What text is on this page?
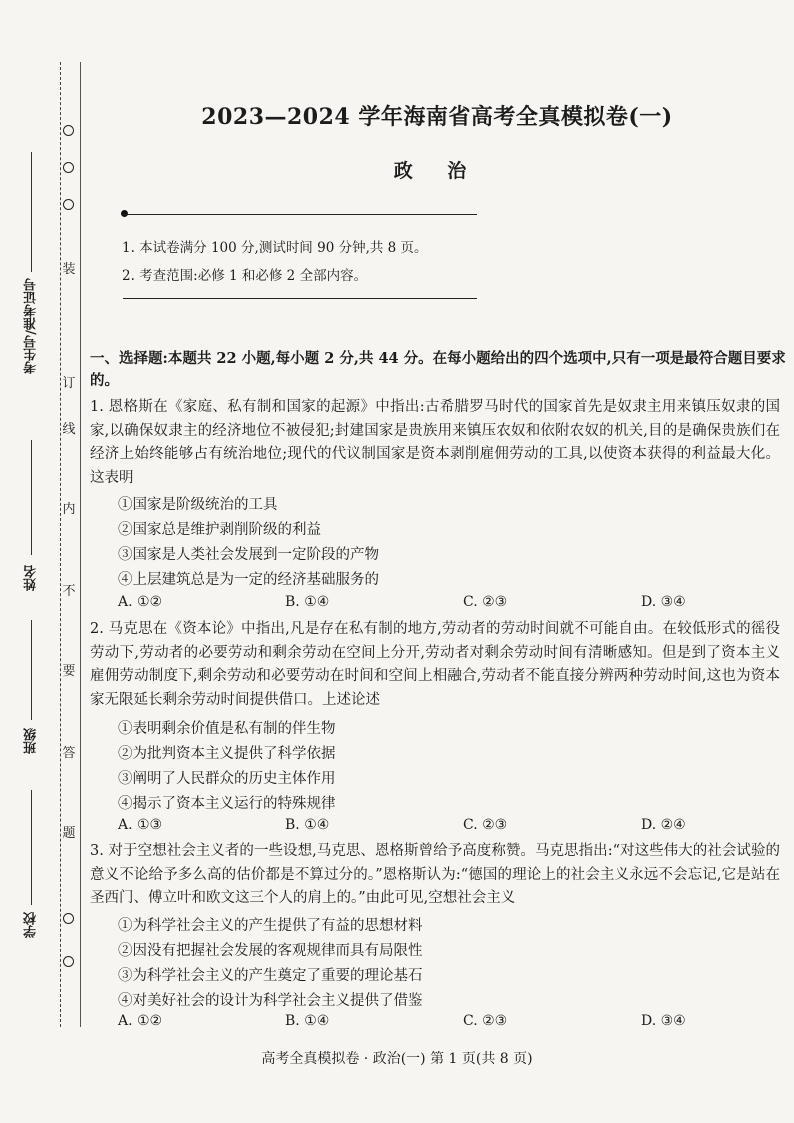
装
订
线
内
不
要
答
题
考生号/准考证号
姓名
班级
学校
2023—2024 学年海南省高考全真模拟卷(一)
政 治
1. 本试卷满分 100 分,测试时间 90 分钟,共 8 页。
2. 考查范围:必修 1 和必修 2 全部内容。
一、选择题:本题共 22 小题,每小题 2 分,共 44 分。在每小题给出的四个选项中,只有一项是最符合题目要求的。
1. 恩格斯在《家庭、私有制和国家的起源》中指出:古希腊罗马时代的国家首先是奴隶主用来镇压奴隶的国家,以确保奴隶主的经济地位不被侵犯;封建国家是贵族用来镇压农奴和依附农奴的机关,目的是确保贵族们在经济上始终能够占有统治地位;现代的代议制国家是资本剥削雇佣劳动的工具,以使资本获得的利益最大化。这表明
①国家是阶级统治的工具
②国家总是维护剥削阶级的利益
③国家是人类社会发展到一定阶段的产物
④上层建筑总是为一定的经济基础服务的
A. ①②	B. ①④	C. ②③	D. ③④
2. 马克思在《资本论》中指出,凡是存在私有制的地方,劳动者的劳动时间就不可能自由。在较低形式的徭役劳动下,劳动者的必要劳动和剩余劳动在空间上分开,劳动者对剩余劳动时间有清晰感知。但是到了资本主义雇佣劳动制度下,剩余劳动和必要劳动在时间和空间上相融合,劳动者不能直接分辨两种劳动时间,这也为资本家无限延长剩余劳动时间提供借口。上述论述
①表明剩余价值是私有制的伴生物
②为批判资本主义提供了科学依据
③阐明了人民群众的历史主体作用
④揭示了资本主义运行的特殊规律
A. ①③	B. ①④	C. ②③	D. ②④
3. 对于空想社会主义者的一些设想,马克思、恩格斯曾给予高度称赞。马克思指出:“对这些伟大的社会试验的意义不论给予多么高的估价都是不算过分的。”恩格斯认为:“德国的理论上的社会主义永远不会忘记,它是站在圣西门、傅立叶和欧文这三个人的肩上的。”由此可见,空想社会主义
①为科学社会主义的产生提供了有益的思想材料
②因没有把握社会发展的客观规律而具有局限性
③为科学社会主义的产生奠定了重要的理论基石
④对美好社会的设计为科学社会主义提供了借鉴
A. ①②	B. ①④	C. ②③	D. ③④
高考全真模拟卷 · 政治(一) 第 1 页(共 8 页)
